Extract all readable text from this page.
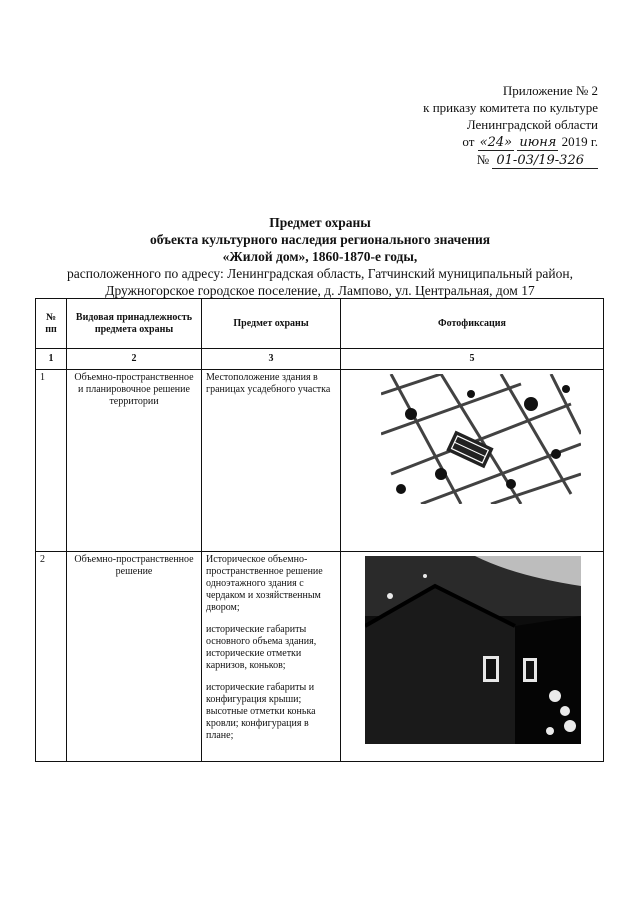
Приложение № 2
к приказу комитета по культуре
Ленинградской области
от «24» июня 2019 г.
№ 01-03/19-326
Предмет охраны
объекта культурного наследия регионального значения
«Жилой дом», 1860-1870-е годы,
расположенного по адресу: Ленинградская область, Гатчинский муниципальный район, Дружногорское городское поселение, д. Лампово, ул. Центральная, дом 17
№ пп	Видовая принадлежность предмета охраны	Предмет охраны	Фотофиксация
1	2	3	5
1	Объемно-пространственное и планировочное решение территории	Местоположение здания в границах усадебного участка	

2	Объемно-пространственное решение	Историческое объемно-пространственное решение одноэтажного здания с чердаком и хозяйственным двором;
исторические габариты основного объема здания, исторические отметки карнизов, коньков;
исторические габариты и конфигурация крыши; высотные отметки конька кровли; конфигурация в плане;
